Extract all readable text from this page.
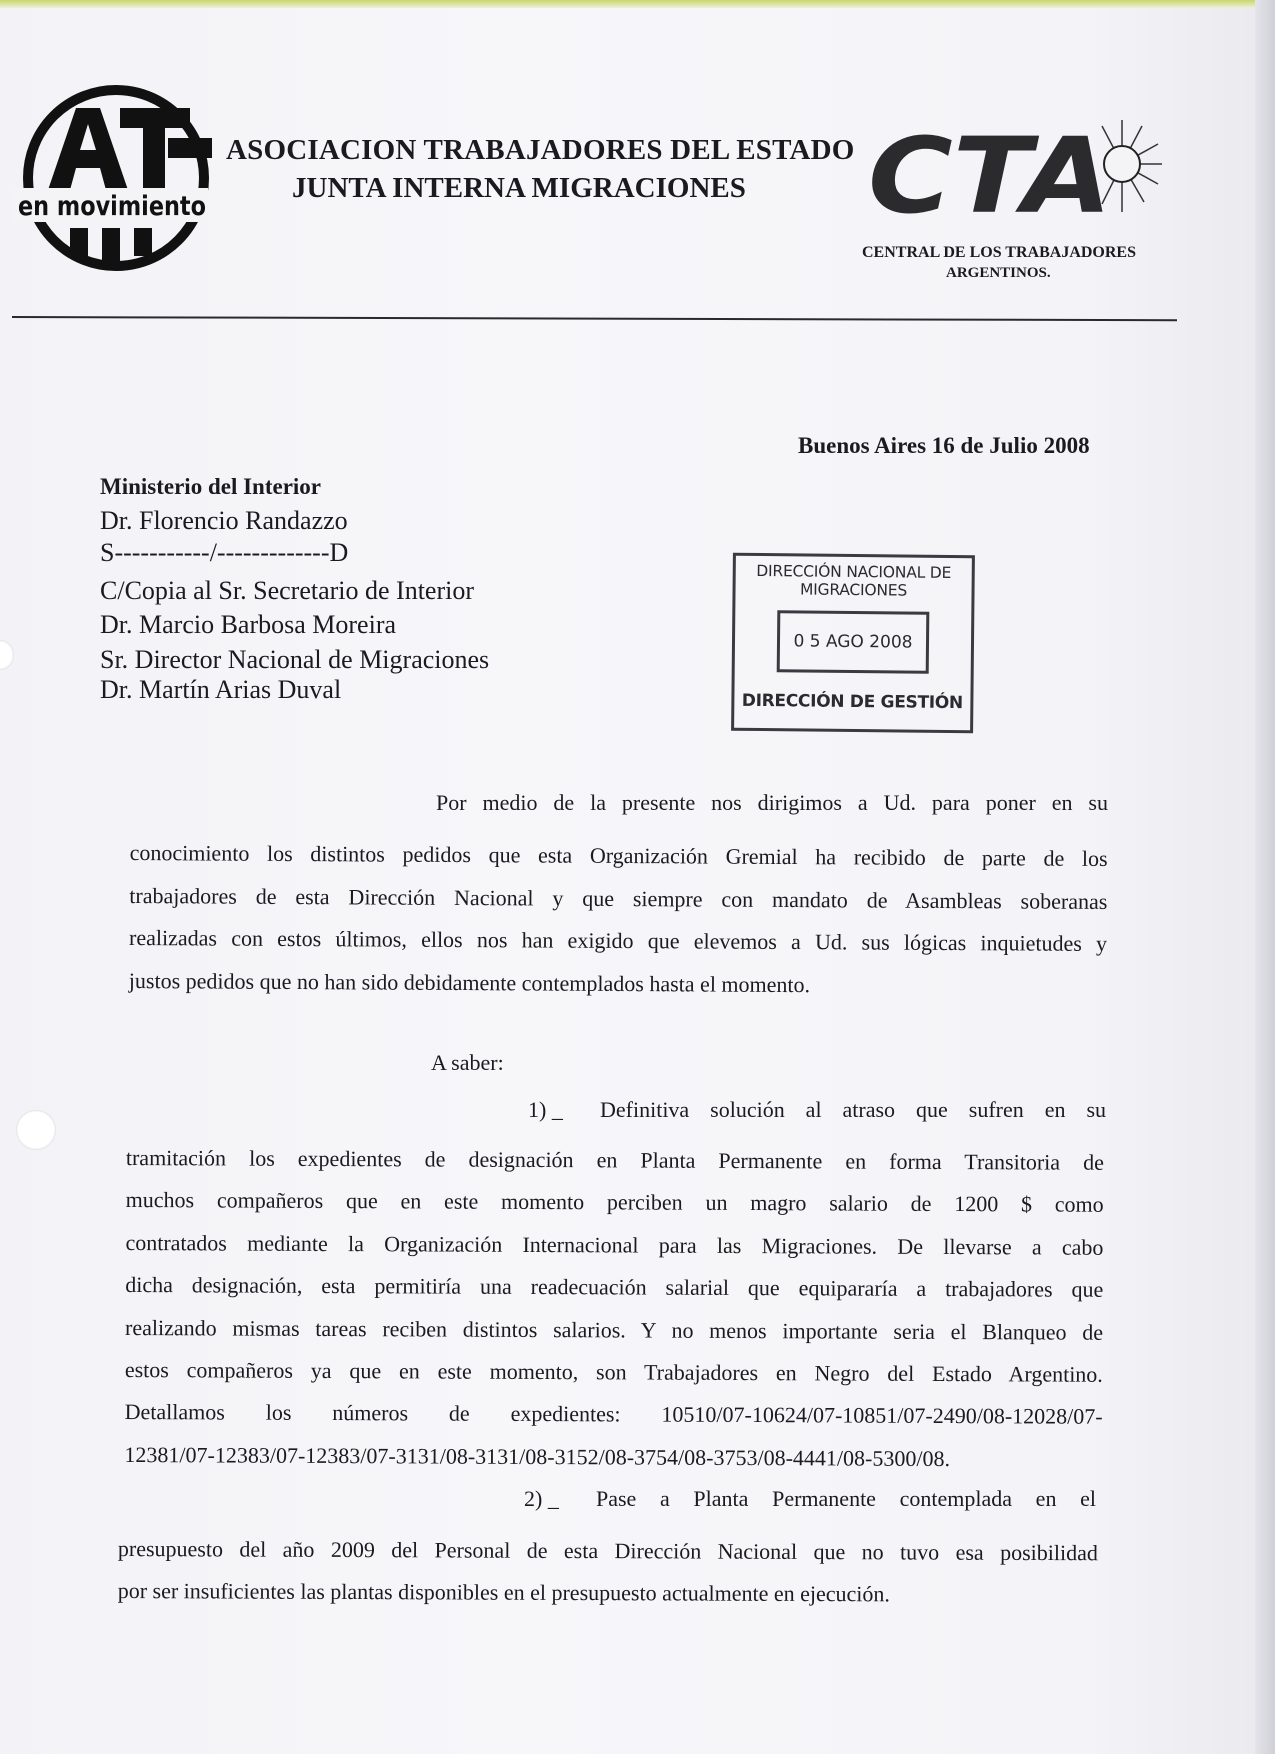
en movimiento
ASOCIACION TRABAJADORES DEL ESTADO
JUNTA INTERNA MIGRACIONES	CTA
CENTRAL DE LOS TRABAJADORES
ARGENTINOS.
Buenos Aires 16 de Julio 2008
Ministerio del Interior
Dr. Florencio Randazzo
S-----------/-------------D
C/Copia al Sr. Secretario de Interior
Dr. Marcio Barbosa Moreira
Sr. Director Nacional de Migraciones
Dr. Martín Arias Duval
DIRECCIÓN NACIONAL DE
MIGRACIONES
0 5 AGO 2008
DIRECCIÓN DE GESTIÓN
Por medio de la presente nos dirigimos a Ud. para poner en su
conocimiento los distintos pedidos que esta Organización Gremial ha recibido de parte de los
trabajadores de esta Dirección Nacional y que siempre con mandato de Asambleas soberanas
realizadas con estos últimos, ellos nos han exigido que elevemos a Ud. sus lógicas inquietudes y
justos pedidos que no han sido debidamente contemplados hasta el momento.
A saber:
1) _ Definitiva solución al atraso que sufren en su
tramitación los expedientes de designación en Planta Permanente en forma Transitoria de
muchos compañeros que en este momento perciben un magro salario de 1200 $ como
contratados mediante la Organización Internacional para las Migraciones. De llevarse a cabo
dicha designación, esta permitiría una readecuación salarial que equipararía a trabajadores que
realizando mismas tareas reciben distintos salarios. Y no menos importante seria el Blanqueo de
estos compañeros ya que en este momento, son Trabajadores en Negro del Estado Argentino.
Detallamos los números de expedientes: 10510/07-10624/07-10851/07-2490/08-12028/07-
12381/07-12383/07-12383/07-3131/08-3131/08-3152/08-3754/08-3753/08-4441/08-5300/08.
2) _ Pase a Planta Permanente contemplada en el
presupuesto del año 2009 del Personal de esta Dirección Nacional que no tuvo esa posibilidad
por ser insuficientes las plantas disponibles en el presupuesto actualmente en ejecución.
